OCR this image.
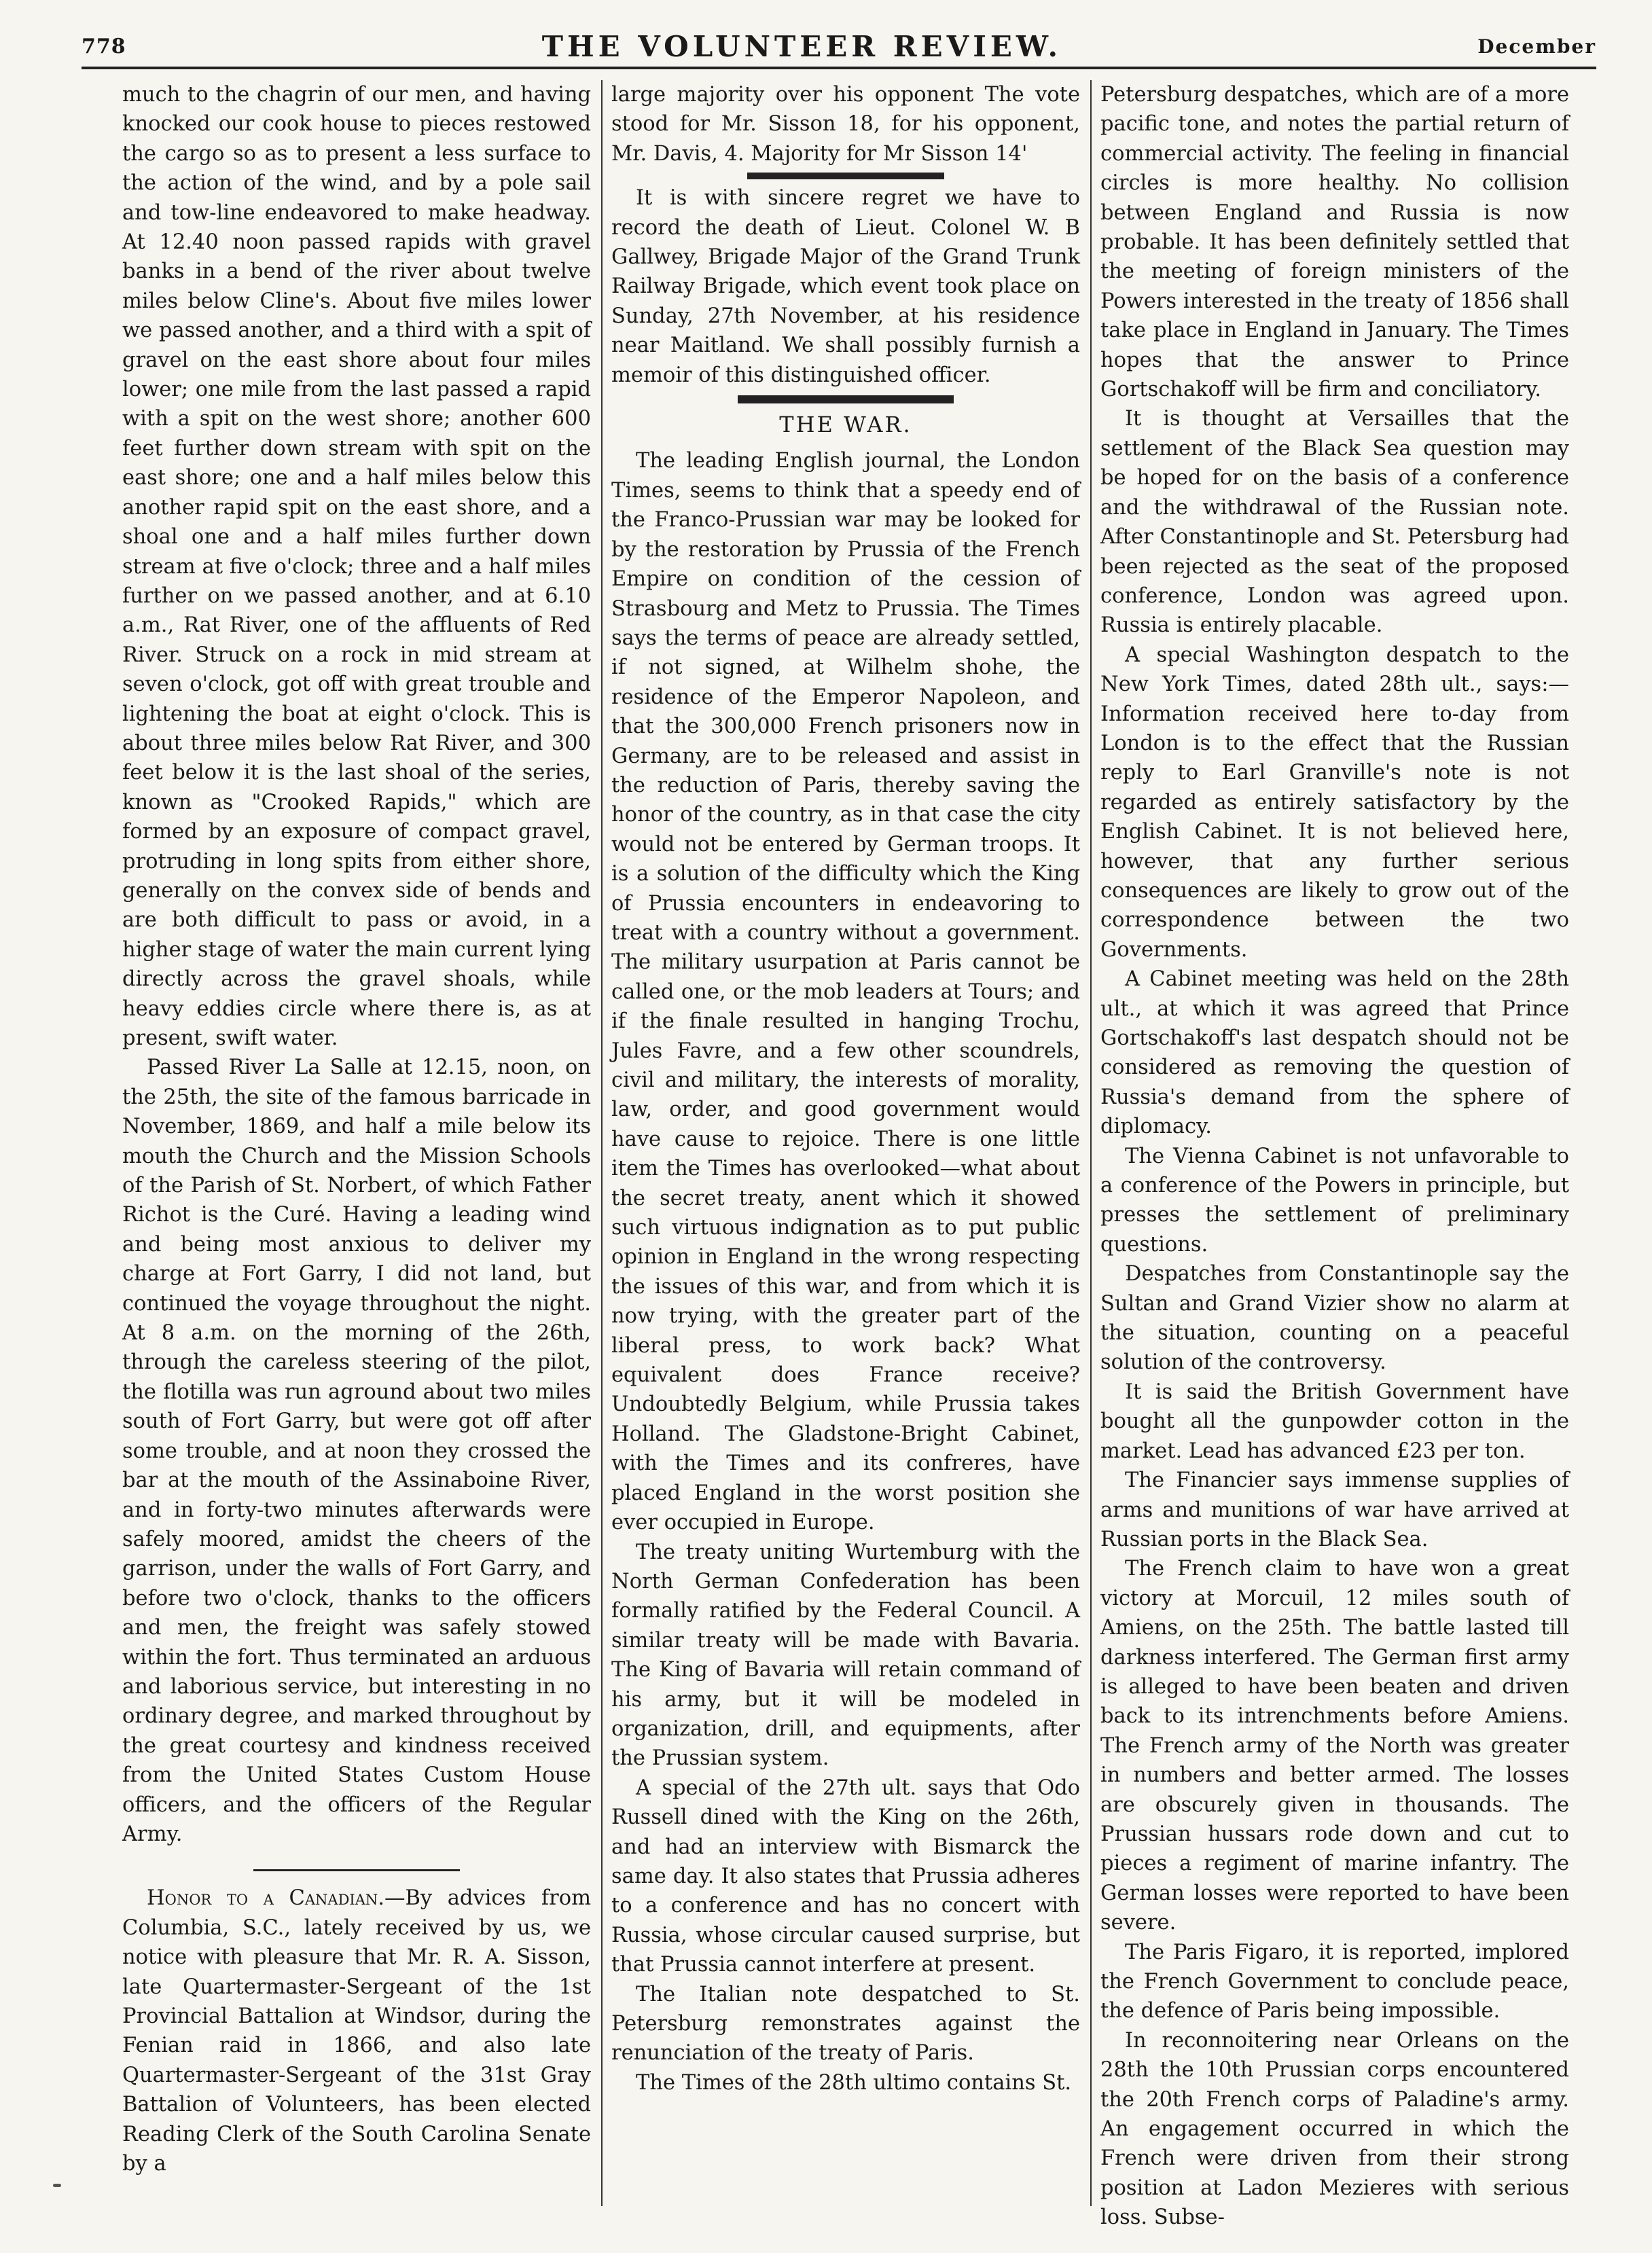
778	THE VOLUNTEER REVIEW.	December

much to the chagrin of our men, and having knocked our cook house to pieces restowed the cargo so as to present a less surface to the action of the wind, and by a pole sail and tow-line endeavored to make headway. At 12.40 noon passed rapids with gravel banks in a bend of the river about twelve miles below Cline's. About five miles lower we passed another, and a third with a spit of gravel on the east shore about four miles lower; one mile from the last passed a rapid with a spit on the west shore; another 600 feet further down stream with spit on the east shore; one and a half miles below this another rapid spit on the east shore, and a shoal one and a half miles further down stream at five o'clock; three and a half miles further on we passed another, and at 6.10 a.m., Rat River, one of the affluents of Red River. Struck on a rock in mid stream at seven o'clock, got off with great trouble and lightening the boat at eight o'clock. This is about three miles below Rat River, and 300 feet below it is the last shoal of the series, known as "Crooked Rapids," which are formed by an exposure of compact gravel, protruding in long spits from either shore, generally on the convex side of bends and are both difficult to pass or avoid, in a higher stage of water the main current lying directly across the gravel shoals, while heavy eddies circle where there is, as at present, swift water.

Passed River La Salle at 12.15, noon, on the 25th, the site of the famous barricade in November, 1869, and half a mile below its mouth the Church and the Mission Schools of the Parish of St. Norbert, of which Father Richot is the Curé. Having a leading wind and being most anxious to deliver my charge at Fort Garry, I did not land, but continued the voyage throughout the night. At 8 a.m. on the morning of the 26th, through the careless steering of the pilot, the flotilla was run aground about two miles south of Fort Garry, but were got off after some trouble, and at noon they crossed the bar at the mouth of the Assinaboine River, and in forty-two minutes afterwards were safely moored, amidst the cheers of the garrison, under the walls of Fort Garry, and before two o'clock, thanks to the officers and men, the freight was safely stowed within the fort. Thus terminated an arduous and laborious service, but interesting in no ordinary degree, and marked throughout by the great courtesy and kindness received from the United States Custom House officers, and the officers of the Regular Army.

Honor to a Canadian.—By advices from Columbia, S.C., lately received by us, we notice with pleasure that Mr. R. A. Sisson, late Quartermaster-Sergeant of the 1st Provincial Battalion at Windsor, during the Fenian raid in 1866, and also late Quartermaster-Sergeant of the 31st Gray Battalion of Volunteers, has been elected Reading Clerk of the South Carolina Senate by a

large majority over his opponent The vote stood for Mr. Sisson 18, for his opponent, Mr. Davis, 4. Majority for Mr Sisson 14'

It is with sincere regret we have to record the death of Lieut. Colonel W. B Gallwey, Brigade Major of the Grand Trunk Railway Brigade, which event took place on Sunday, 27th November, at his residence near Maitland. We shall possibly furnish a memoir of this distinguished officer.

THE WAR.

The leading English journal, the London Times, seems to think that a speedy end of the Franco-Prussian war may be looked for by the restoration by Prussia of the French Empire on condition of the cession of Strasbourg and Metz to Prussia. The Times says the terms of peace are already settled, if not signed, at Wilhelm shohe, the residence of the Emperor Napoleon, and that the 300,000 French prisoners now in Germany, are to be released and assist in the reduction of Paris, thereby saving the honor of the country, as in that case the city would not be entered by German troops. It is a solution of the difficulty which the King of Prussia encounters in endeavoring to treat with a country without a government. The military usurpation at Paris cannot be called one, or the mob leaders at Tours; and if the finale resulted in hanging Trochu, Jules Favre, and a few other scoundrels, civil and military, the interests of morality, law, order, and good government would have cause to rejoice. There is one little item the Times has overlooked—what about the secret treaty, anent which it showed such virtuous indignation as to put public opinion in England in the wrong respecting the issues of this war, and from which it is now trying, with the greater part of the liberal press, to work back? What equivalent does France receive? Undoubtedly Belgium, while Prussia takes Holland. The Gladstone-Bright Cabinet, with the Times and its confreres, have placed England in the worst position she ever occupied in Europe.

The treaty uniting Wurtemburg with the North German Confederation has been formally ratified by the Federal Council. A similar treaty will be made with Bavaria. The King of Bavaria will retain command of his army, but it will be modeled in organization, drill, and equipments, after the Prussian system.

A special of the 27th ult. says that Odo Russell dined with the King on the 26th, and had an interview with Bismarck the same day. It also states that Prussia adheres to a conference and has no concert with Russia, whose circular caused surprise, but that Prussia cannot interfere at present.

The Italian note despatched to St. Petersburg remonstrates against the renunciation of the treaty of Paris.

The Times of the 28th ultimo contains St.

Petersburg despatches, which are of a more pacific tone, and notes the partial return of commercial activity. The feeling in financial circles is more healthy. No collision between England and Russia is now probable. It has been definitely settled that the meeting of foreign ministers of the Powers interested in the treaty of 1856 shall take place in England in January. The Times hopes that the answer to Prince Gortschakoff will be firm and conciliatory.

It is thought at Versailles that the settlement of the Black Sea question may be hoped for on the basis of a conference and the withdrawal of the Russian note. After Constantinople and St. Petersburg had been rejected as the seat of the proposed conference, London was agreed upon. Russia is entirely placable.

A special Washington despatch to the New York Times, dated 28th ult., says:—Information received here to-day from London is to the effect that the Russian reply to Earl Granville's note is not regarded as entirely satisfactory by the English Cabinet. It is not believed here, however, that any further serious consequences are likely to grow out of the correspondence between the two Governments.

A Cabinet meeting was held on the 28th ult., at which it was agreed that Prince Gortschakoff's last despatch should not be considered as removing the question of Russia's demand from the sphere of diplomacy.

The Vienna Cabinet is not unfavorable to a conference of the Powers in principle, but presses the settlement of preliminary questions.

Despatches from Constantinople say the Sultan and Grand Vizier show no alarm at the situation, counting on a peaceful solution of the controversy.

It is said the British Government have bought all the gunpowder cotton in the market. Lead has advanced £23 per ton.

The Financier says immense supplies of arms and munitions of war have arrived at Russian ports in the Black Sea.

The French claim to have won a great victory at Morcuil, 12 miles south of Amiens, on the 25th. The battle lasted till darkness interfered. The German first army is alleged to have been beaten and driven back to its intrenchments before Amiens. The French army of the North was greater in numbers and better armed. The losses are obscurely given in thousands. The Prussian hussars rode down and cut to pieces a regiment of marine infantry. The German losses were reported to have been severe.

The Paris Figaro, it is reported, implored the French Government to conclude peace, the defence of Paris being impossible.

In reconnoitering near Orleans on the 28th the 10th Prussian corps encountered the 20th French corps of Paladine's army. An engagement occurred in which the French were driven from their strong position at Ladon Mezieres with serious loss. Subse-
